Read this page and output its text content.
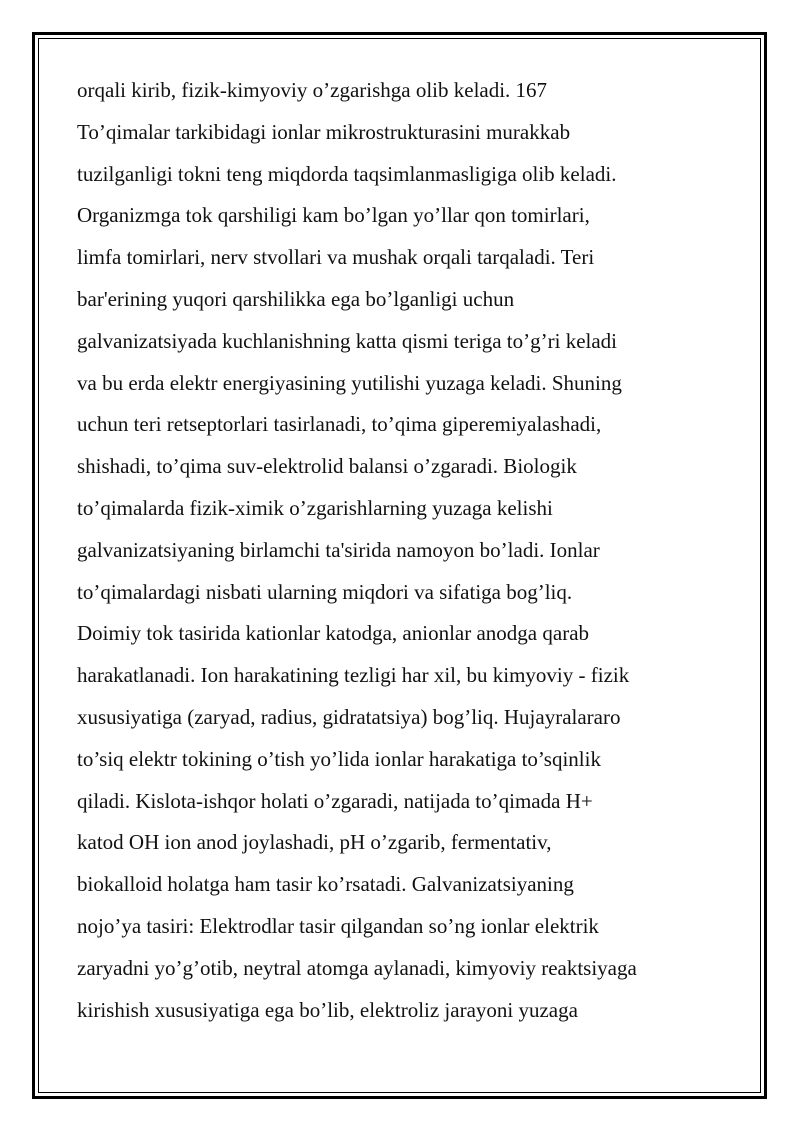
orqali kirib, fizik-kimyoviy o’zgarishga olib keladi. 167
To’qimalar tarkibidagi ionlar mikrostrukturasini murakkab
tuzilganligi tokni teng miqdorda taqsimlanmasligiga olib keladi.
Organizmga tok qarshiligi kam bo’lgan yo’llar qon tomirlari,
limfa tomirlari, nerv stvollari va mushak orqali tarqaladi. Teri
bar'erining yuqori qarshilikka ega bo’lganligi uchun
galvanizatsiyada kuchlanishning katta qismi teriga to’g’ri keladi
va bu erda elektr energiyasining yutilishi yuzaga keladi. Shuning
uchun teri retseptorlari tasirlanadi, to’qima giperemiyalashadi,
shishadi, to’qima suv-elektrolid balansi o’zgaradi. Biologik
to’qimalarda fizik-ximik o’zgarishlarning yuzaga kelishi
galvanizatsiyaning birlamchi ta'sirida namoyon bo’ladi. Ionlar
to’qimalardagi nisbati ularning miqdori va sifatiga bog’liq.
Doimiy tok tasirida kationlar katodga, anionlar anodga qarab
harakatlanadi. Ion harakatining tezligi har xil, bu kimyoviy - fizik
xususiyatiga (zaryad, radius, gidratatsiya) bog’liq. Hujayralararo
to’siq elektr tokining o’tish yo’lida ionlar harakatiga to’sqinlik
qiladi. Kislota-ishqor holati o’zgaradi, natijada to’qimada H+
katod OH ion anod joylashadi, pH o’zgarib, fermentativ,
biokalloid holatga ham tasir ko’rsatadi. Galvanizatsiyaning
nojo’ya tasiri: Elektrodlar tasir qilgandan so’ng ionlar elektrik
zaryadni yo’g’otib, neytral atomga aylanadi, kimyoviy reaktsiyaga
kirishish xususiyatiga ega bo’lib, elektroliz jarayoni yuzaga
